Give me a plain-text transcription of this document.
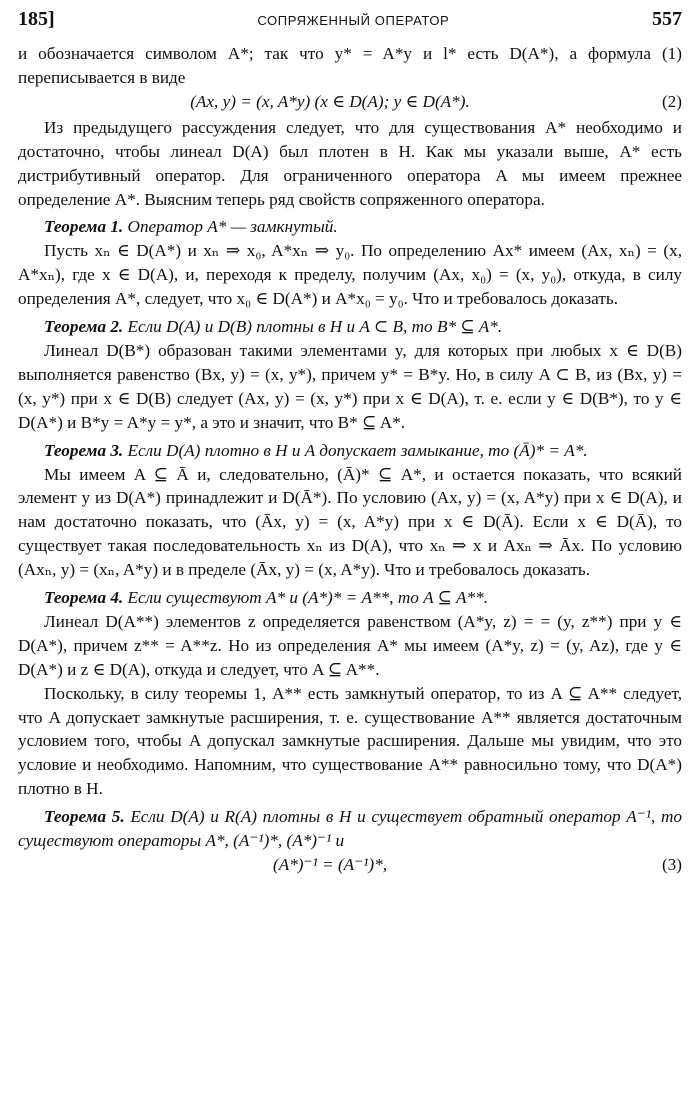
185]	СОПРЯЖЕННЫЙ ОПЕРАТОР	557

и обозначается символом A*; так что y* = A*y и l* есть D(A*), а формула (1) переписывается в виде

(Ax, y) = (x, A*y) (x ∈ D(A); y ∈ D(A*).	(2)

Из предыдущего рассуждения следует, что для существования A* необходимо и достаточно, чтобы линеал D(A) был плотен в H. Как мы указали выше, A* есть дистрибутивный оператор. Для ограниченного оператора A мы имеем прежнее определение A*. Выясним теперь ряд свойств сопряженного оператора.

Теорема 1. Оператор A* — замкнутый.

Пусть xₙ ∈ D(A*) и xₙ ⇒ x₀, A*xₙ ⇒ y₀. По определению Ax* имеем (Ax, xₙ) = (x, A*xₙ), где x ∈ D(A), и, переходя к пределу, получим (Ax, x₀) = (x, y₀), откуда, в силу определения A*, следует, что x₀ ∈ D(A*) и A*x₀ = y₀. Что и требовалось доказать.

Теорема 2. Если D(A) и D(B) плотны в H и A ⊂ B, то B* ⊆ A*.

Линеал D(B*) образован такими элементами y, для которых при любых x ∈ D(B) выполняется равенство (Bx, y) = (x, y*), причем y* = B*y. Но, в силу A ⊂ B, из (Bx, y) = (x, y*) при x ∈ D(B) следует (Ax, y) = (x, y*) при x ∈ D(A), т. е. если y ∈ D(B*), то y ∈ D(A*) и B*y = A*y = y*, а это и значит, что B* ⊆ A*.

Теорема 3. Если D(A) плотно в H и A допускает замыкание, то (Ā)* = A*.

Мы имеем A ⊆ Ā и, следовательно, (Ā)* ⊆ A*, и остается показать, что всякий элемент y из D(A*) принадлежит и D(Ā*). По условию (Ax, y) = (x, A*y) при x ∈ D(A), и нам достаточно показать, что (Āx, y) = (x, A*y) при x ∈ D(Ā). Если x ∈ D(Ā), то существует такая последовательность xₙ из D(A), что xₙ ⇒ x и Axₙ ⇒ Āx. По условию (Axₙ, y) = (xₙ, A*y) и в пределе (Āx, y) = (x, A*y). Что и требовалось доказать.

Теорема 4. Если существуют A* и (A*)* = A**, то A ⊆ A**.

Линеал D(A**) элементов z определяется равенством (A*y, z) = = (y, z**) при y ∈ D(A*), причем z** = A**z. Но из определения A* мы имеем (A*y, z) = (y, Az), где y ∈ D(A*) и z ∈ D(A), откуда и следует, что A ⊆ A**.

Поскольку, в силу теоремы 1, A** есть замкнутый оператор, то из A ⊆ A** следует, что A допускает замкнутые расширения, т. е. существование A** является достаточным условием того, чтобы A допускал замкнутые расширения. Дальше мы увидим, что это условие и необходимо. Напомним, что существование A** равносильно тому, что D(A*) плотно в H.

Теорема 5. Если D(A) и R(A) плотны в H и существует обратный оператор A⁻¹, то существуют операторы A*, (A⁻¹)*, (A*)⁻¹ и

(A*)⁻¹ = (A⁻¹)*,	(3)
